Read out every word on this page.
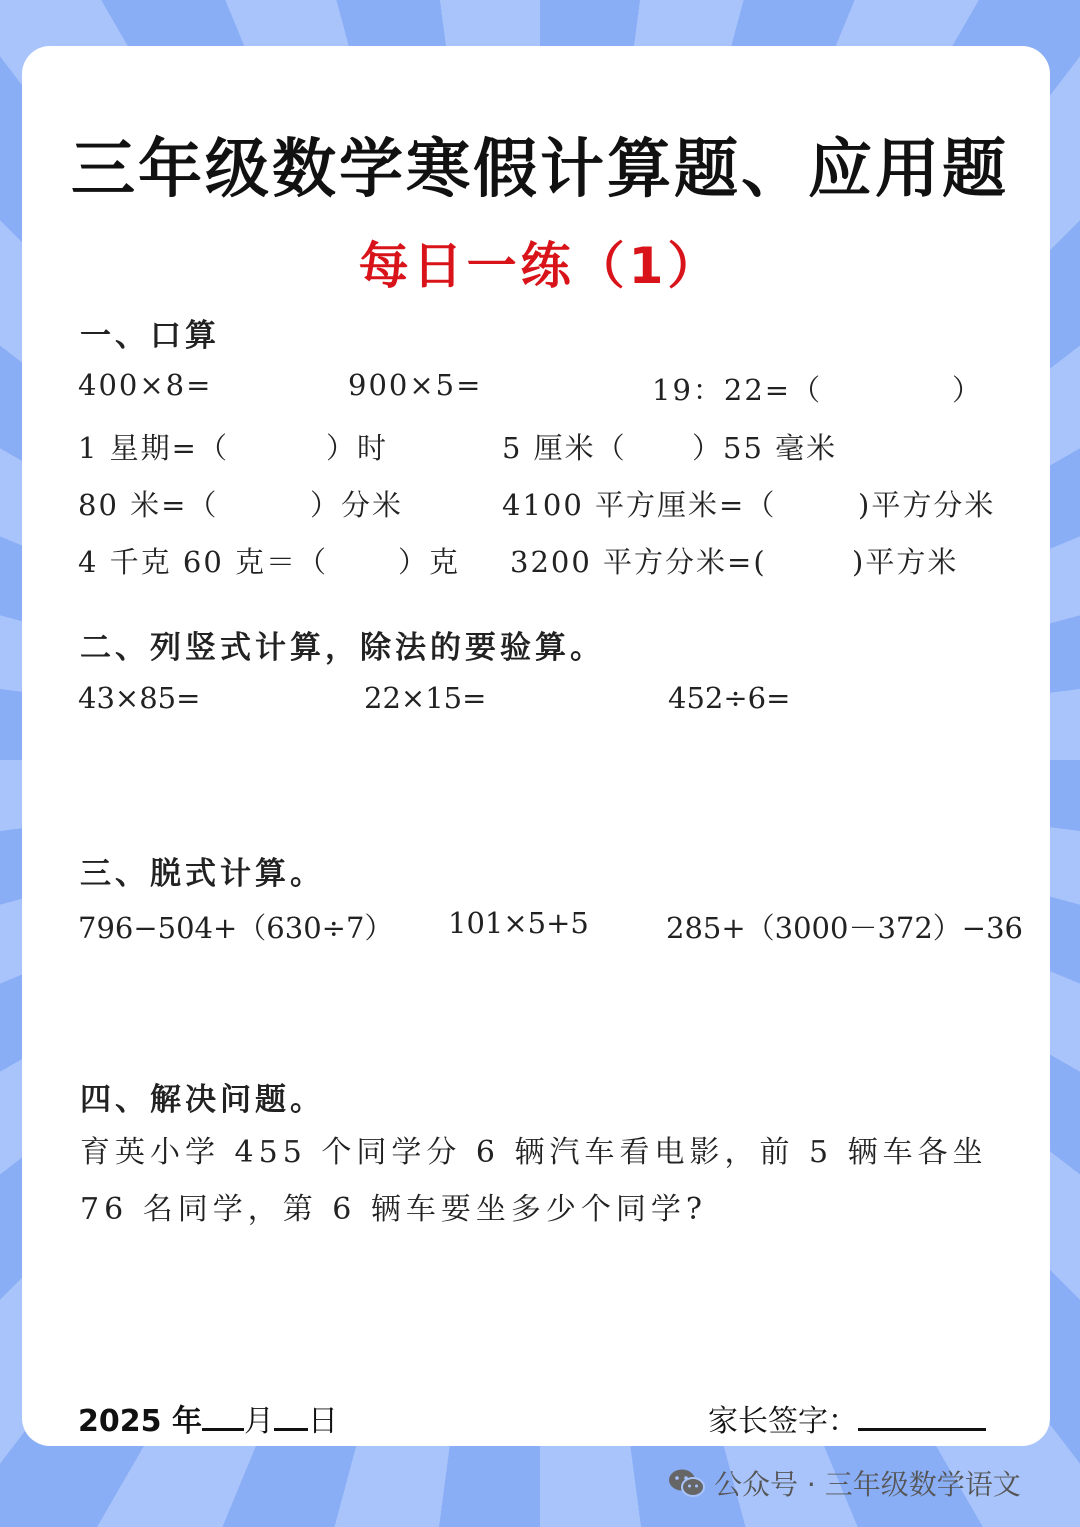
三年级数学寒假计算题、应用题
每日一练（1）
一、口算
400×8=	900×5=	19：22=（	）
1 星期=（	）时	5 厘米（ ）55 毫米
80 米=（	）分米	4100 平方厘米=（	)平方分米
4 千克 60 克＝（ ）克 3200 平方分米=(	)平方米
二、列竖式计算，除法的要验算。
43×85=	22×15=	452÷6=
三、脱式计算。
796−504+（630÷7） 101×5+5	285+（3000－372）−36
四、解决问题。
育英小学 455 个同学分 6 辆汽车看电影，前 5 辆车各坐 76 名同学，第 6 辆车要坐多少个同学?
2025 年 月 日	家长签字：
公众号 · 三年级数学语文
